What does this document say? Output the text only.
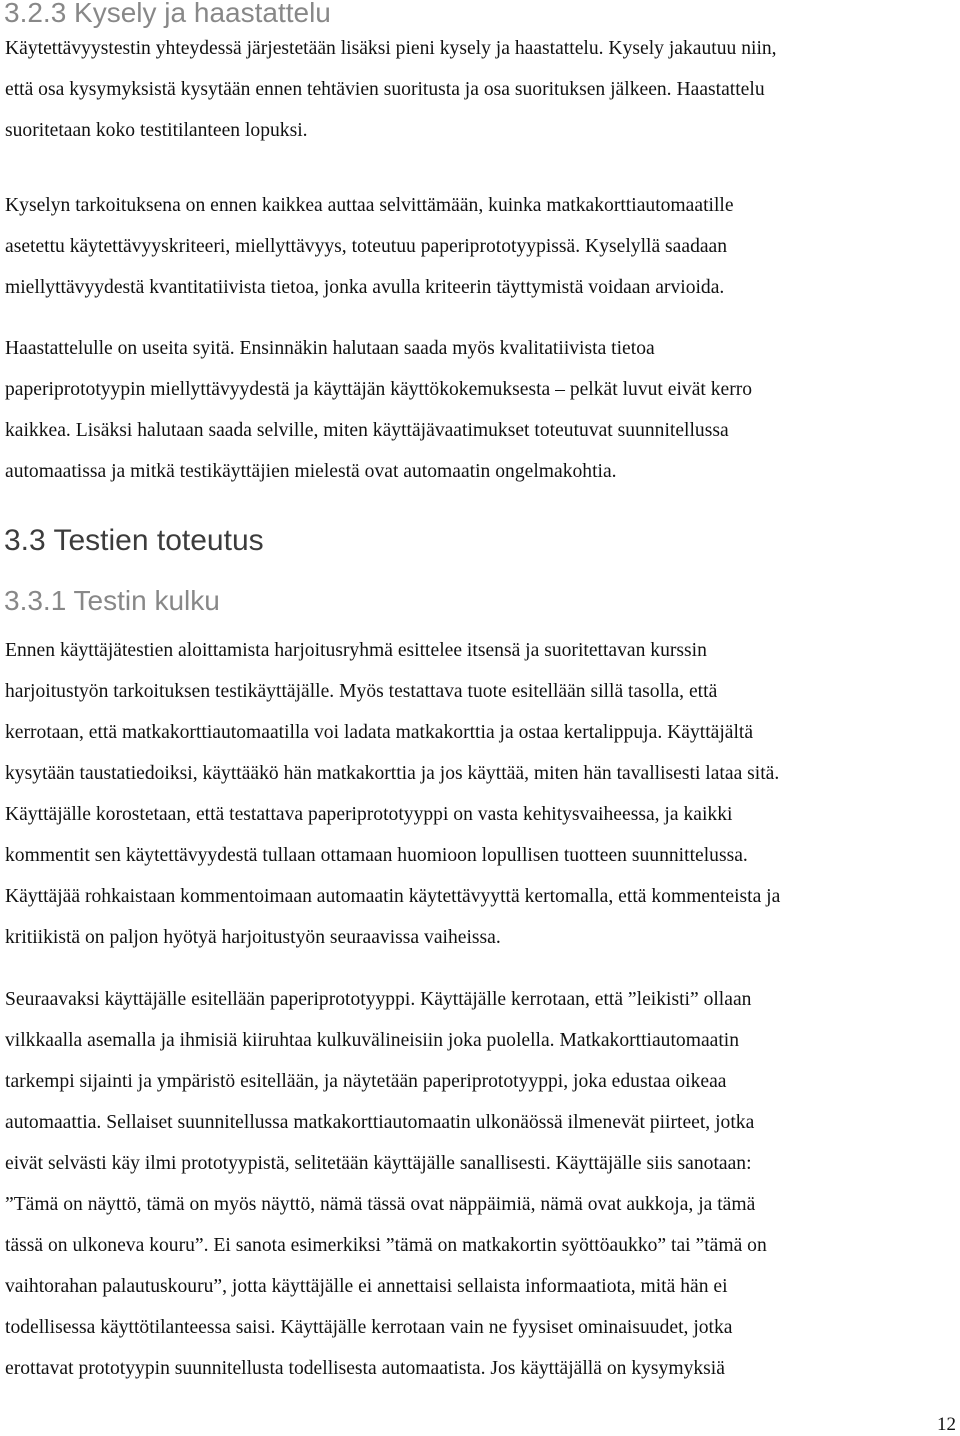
3.2.3 Kysely ja haastattelu
Käytettävyystestin yhteydessä järjestetään lisäksi pieni kysely ja haastattelu. Kysely jakautuu niin,
että osa kysymyksistä kysytään ennen tehtävien suoritusta ja osa suorituksen jälkeen. Haastattelu
suoritetaan koko testitilanteen lopuksi.
Kyselyn tarkoituksena on ennen kaikkea auttaa selvittämään, kuinka matkakorttiautomaatille
asetettu käytettävyyskriteeri, miellyttävyys, toteutuu paperiprototyypissä. Kyselyllä saadaan
miellyttävyydestä kvantitatiivista tietoa, jonka avulla kriteerin täyttymistä voidaan arvioida.
Haastattelulle on useita syitä. Ensinnäkin halutaan saada myös kvalitatiivista tietoa
paperiprototyypin miellyttävyydestä ja käyttäjän käyttökokemuksesta – pelkät luvut eivät kerro
kaikkea. Lisäksi halutaan saada selville, miten käyttäjävaatimukset toteutuvat suunnitellussa
automaatissa ja mitkä testikäyttäjien mielestä ovat automaatin ongelmakohtia.
3.3 Testien toteutus
3.3.1 Testin kulku
Ennen käyttäjätestien aloittamista harjoitusryhmä esittelee itsensä ja suoritettavan kurssin
harjoitustyön tarkoituksen testikäyttäjälle. Myös testattava tuote esitellään sillä tasolla, että
kerrotaan, että matkakorttiautomaatilla voi ladata matkakorttia ja ostaa kertalippuja. Käyttäjältä
kysytään taustatiedoiksi, käyttääkö hän matkakorttia ja jos käyttää, miten hän tavallisesti lataa sitä.
Käyttäjälle korostetaan, että testattava paperiprototyyppi on vasta kehitysvaiheessa, ja kaikki
kommentit sen käytettävyydestä tullaan ottamaan huomioon lopullisen tuotteen suunnittelussa.
Käyttäjää rohkaistaan kommentoimaan automaatin käytettävyyttä kertomalla, että kommenteista ja
kritiikistä on paljon hyötyä harjoitustyön seuraavissa vaiheissa.
Seuraavaksi käyttäjälle esitellään paperiprototyyppi. Käyttäjälle kerrotaan, että ”leikisti” ollaan
vilkkaalla asemalla ja ihmisiä kiiruhtaa kulkuvälineisiin joka puolella. Matkakorttiautomaatin
tarkempi sijainti ja ympäristö esitellään, ja näytetään paperiprototyyppi, joka edustaa oikeaa
automaattia. Sellaiset suunnitellussa matkakorttiautomaatin ulkonäössä ilmenevät piirteet, jotka
eivät selvästi käy ilmi prototyypistä, selitetään käyttäjälle sanallisesti. Käyttäjälle siis sanotaan:
”Tämä on näyttö, tämä on myös näyttö, nämä tässä ovat näppäimiä, nämä ovat aukkoja, ja tämä
tässä on ulkoneva kouru”. Ei sanota esimerkiksi ”tämä on matkakortin syöttöaukko” tai ”tämä on
vaihtorahan palautuskouru”, jotta käyttäjälle ei annettaisi sellaista informaatiota, mitä hän ei
todellisessa käyttötilanteessa saisi. Käyttäjälle kerrotaan vain ne fyysiset ominaisuudet, jotka
erottavat prototyypin suunnitellusta todellisesta automaatista. Jos käyttäjällä on kysymyksiä
12
